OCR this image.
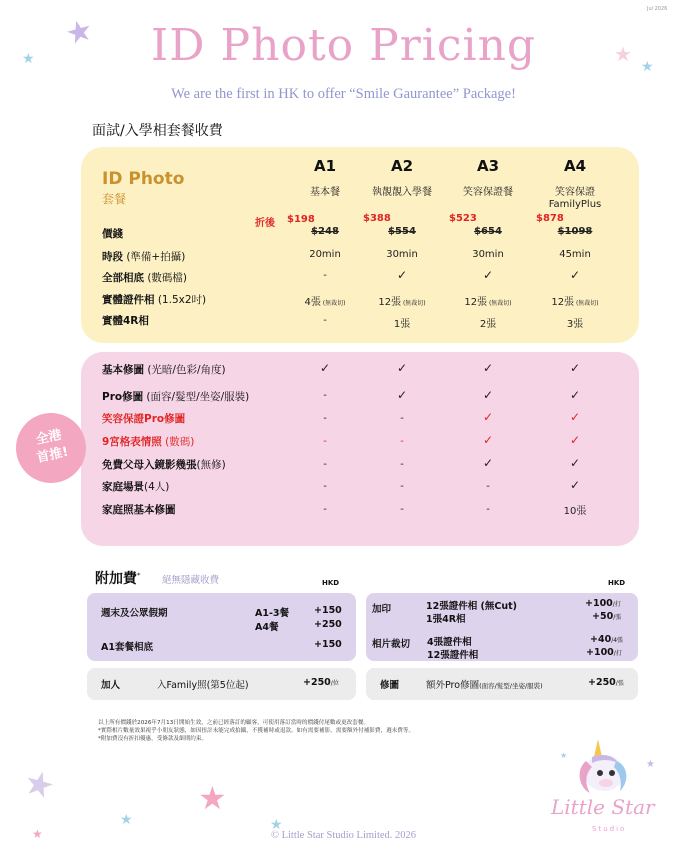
Jul 2026
ID Photo Pricing
We are the first in HK to offer “Smile Gaurantee” Package!
面試/入學相套餐收費
★
★	★
★
★	★
★	★
★
ID Photo
套餐
A1	A2	A3	A4
基本餐	執靚靚入學餐	笑容保證餐	笑容保證
FamilyPlus
折後 $198	$388	$523	$878
價錢	$248	$554	$654	$1098
時段 (準備+拍攝)	20min	30min	30min	45min
全部相底 (數碼檔)	-	✓	✓	✓
實體證件相 (1.5x2吋)	4張 (無裁切)	12張 (無裁切)	12張 (無裁切)	12張 (無裁切)
實體4R相	-	1張	2張	3張
全港
首推!
基本修圖 (光暗/色彩/角度)	✓	✓	✓	✓
Pro修圖 (面容/髮型/坐姿/服裝)	-	✓	✓	✓
笑容保證Pro修圖	-	-	✓	✓
9宮格表情照 (數碼)	-	-	✓	✓
免費父母入鏡影幾張(無修)	-	-	✓	✓
家庭場景(4人)	-	-	-	✓
家庭照基本修圖	-	-	-	10張
附加費* 絕無隱藏收費	HKD	HKD
週末及公眾假期	A1-3餐	+150
A4餐	+250
A1套餐相底	+150
加人	入Family照(第5位起)	+250/位
加印	12張證件相 (無Cut)	+100/打
1張4R相	+50/張
相片裁切 4張證件相	+40/4張
12張證件相	+100/打
修圖	額外Pro修圖(面容/髮型/坐姿/服裝)	+250/張
以上所有價錢於2026年7月13日開始生效，之前已經落訂的顧客，可使用落訂當時的價錢付尾數或更改套餐。
*實際相片數量效果視乎小朋友狀態，如因扭計未能完成拍攝，不獲補時或退款。如有需要補影，需要額外付補影費，週末費等。
*附加費沒有折扣優惠，受條款及細則約束。
★
★
Little Star
Studio
© Little Star Studio Limited. 2026
